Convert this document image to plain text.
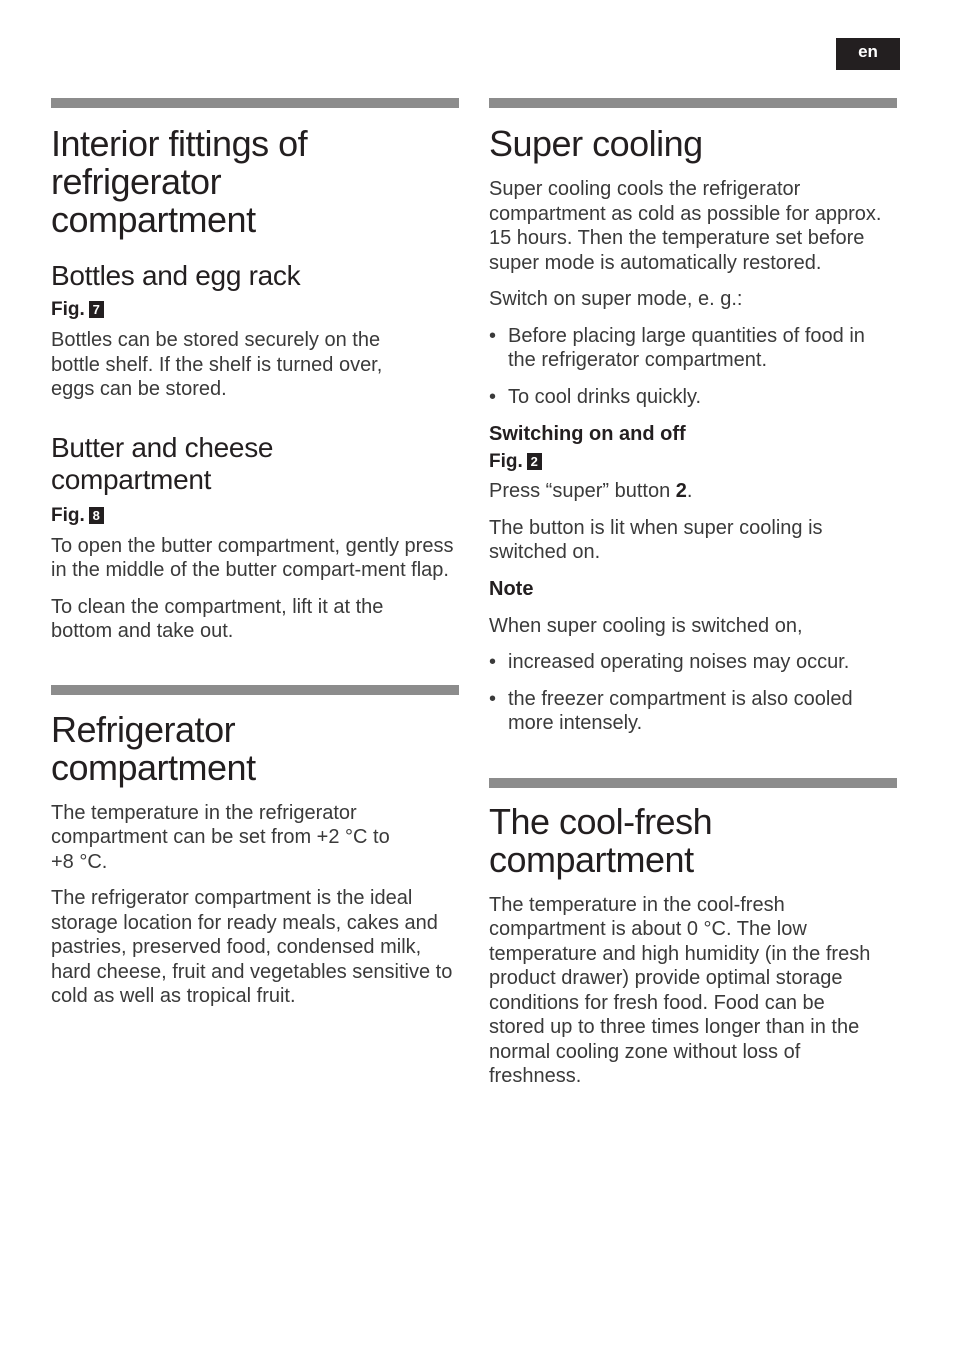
en
Interior fittings of refrigerator compartment
Bottles and egg rack
Fig. 7

Bottles can be stored securely on the bottle shelf. If the shelf is turned over, eggs can be stored.

Butter and cheese compartment
Fig. 8

To open the butter compartment, gently press in the middle of the butter compart-ment flap.

To clean the compartment, lift it at the bottom and take out.

Refrigerator compartment

The temperature in the refrigerator compartment can be set from +2 °C to +8 °C.

The refrigerator compartment is the ideal storage location for ready meals, cakes and pastries, preserved food, condensed milk, hard cheese, fruit and vegetables sensitive to cold as well as tropical fruit.

Super cooling

Super cooling cools the refrigerator compartment as cold as possible for approx. 15 hours. Then the temperature set before super mode is automatically restored.

Switch on super mode, e. g.:

• Before placing large quantities of food in the refrigerator compartment.
• To cool drinks quickly.
Switching on and off
Fig. 2

Press “super” button 2.

The button is lit when super cooling is switched on.

Note

When super cooling is switched on,

• increased operating noises may occur.
• the freezer compartment is also cooled more intensely.
The cool-fresh compartment

The temperature in the cool-fresh compartment is about 0 °C. The low temperature and high humidity (in the fresh product drawer) provide optimal storage conditions for fresh food. Food can be stored up to three times longer than in the normal cooling zone without loss of freshness.
